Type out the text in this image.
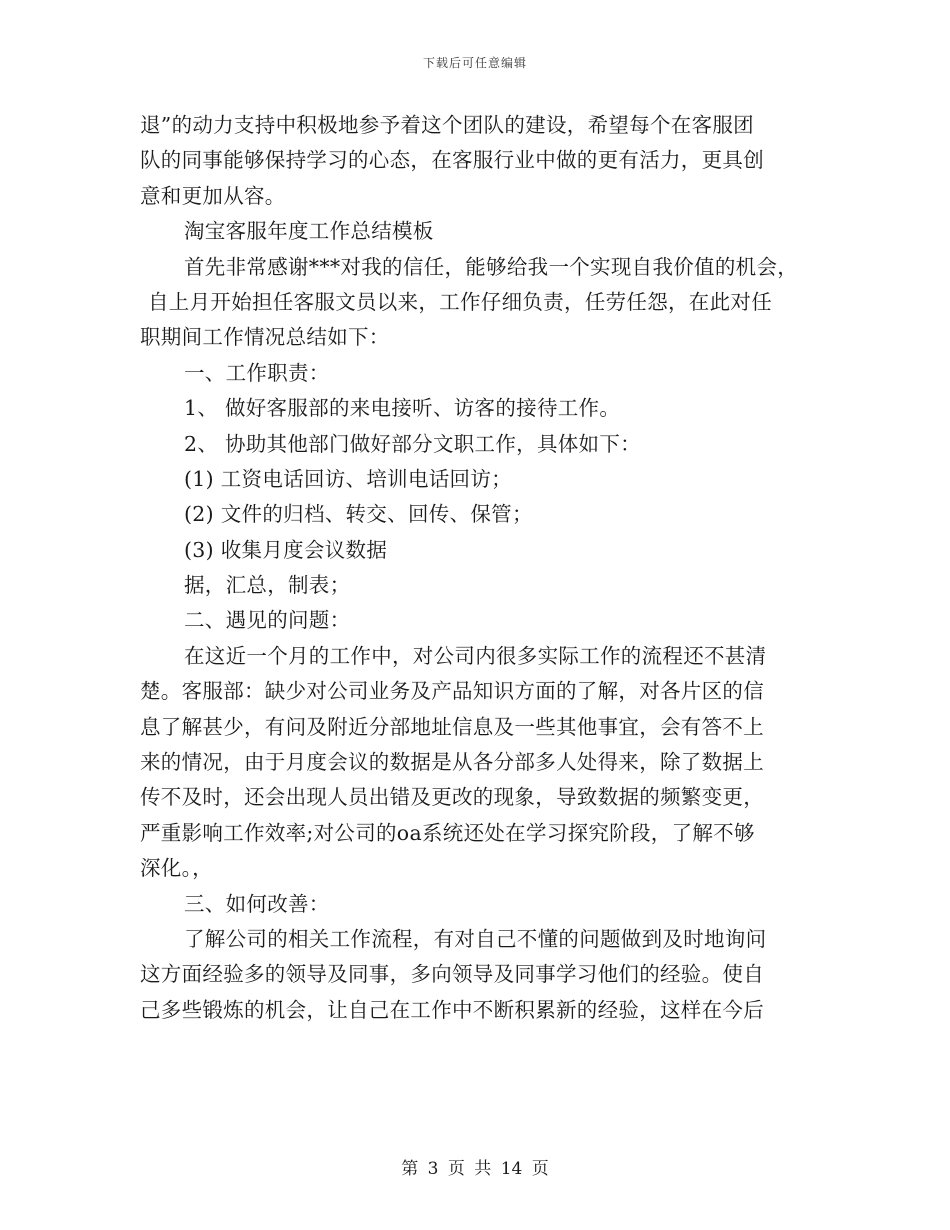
下载后可任意编辑
退”的动力支持中积极地参予着这个团队的建设，希望每个在客服团
队的同事能够保持学习的心态，在客服行业中做的更有活力，更具创
意和更加从容。
淘宝客服年度工作总结模板
首先非常感谢***对我的信任，能够给我一个实现自我价值的机会，
自上月开始担任客服文员以来，工作仔细负责，任劳任怨，在此对任
职期间工作情况总结如下：
一、工作职责：
1、 做好客服部的来电接听、访客的接待工作。
2、 协助其他部门做好部分文职工作，具体如下：
(1) 工资电话回访、培训电话回访；
(2) 文件的归档、转交、回传、保管；
(3) 收集月度会议数据
据，汇总，制表；
二、遇见的问题：
在这近一个月的工作中，对公司内很多实际工作的流程还不甚清
楚。客服部：缺少对公司业务及产品知识方面的了解，对各片区的信
息了解甚少，有问及附近分部地址信息及一些其他事宜，会有答不上
来的情况，由于月度会议的数据是从各分部多人处得来，除了数据上
传不及时，还会出现人员出错及更改的现象，导致数据的频繁变更，
严重影响工作效率;对公司的oa系统还处在学习探究阶段，了解不够
深化。，
三、如何改善：
了解公司的相关工作流程，有对自己不懂的问题做到及时地询问
这方面经验多的领导及同事，多向领导及同事学习他们的经验。使自
己多些锻炼的机会，让自己在工作中不断积累新的经验，这样在今后
第 3 页 共 14 页
